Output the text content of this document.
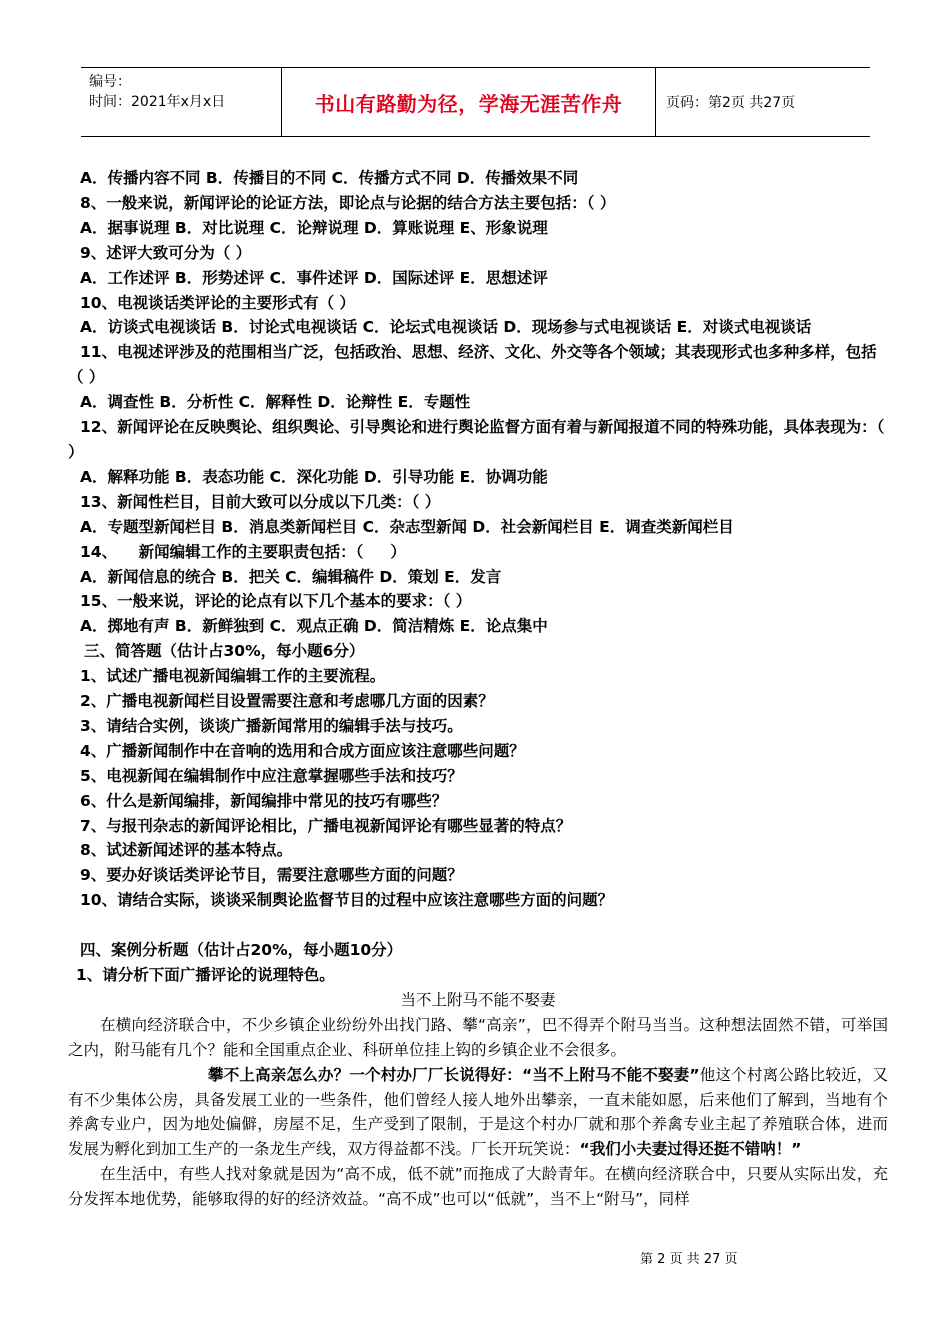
编号：
时间：2021年x月x日	书山有路勤为径，学海无涯苦作舟	页码：第2页 共27页
A．传播内容不同 B．传播目的不同 C．传播方式不同 D．传播效果不同
8、一般来说，新闻评论的论证方法，即论点与论据的结合方法主要包括：（ ）
A．据事说理 B．对比说理 C．论辩说理 D．算账说理 E、形象说理
9、述评大致可分为（ ）
A．工作述评 B．形势述评 C．事件述评 D．国际述评 E．思想述评
10、电视谈话类评论的主要形式有（ ）
A．访谈式电视谈话 B．讨论式电视谈话 C．论坛式电视谈话 D．现场参与式电视谈话 E．对谈式电视谈话
11、电视述评涉及的范围相当广泛，包括政治、思想、经济、文化、外交等各个领域；其表现形式也多种多样，包括（ ）
A．调查性 B．分析性 C．解释性 D．论辩性 E．专题性
12、新闻评论在反映舆论、组织舆论、引导舆论和进行舆论监督方面有着与新闻报道不同的特殊功能，具体表现为：（ ）
A．解释功能 B．表态功能 C．深化功能 D．引导功能 E．协调功能
13、新闻性栏目，目前大致可以分成以下几类：（ ）
A．专题型新闻栏目 B．消息类新闻栏目 C．杂志型新闻 D．社会新闻栏目 E．调查类新闻栏目
14、    新闻编辑工作的主要职责包括：（     ）
A．新闻信息的统合 B．把关 C．编辑稿件 D．策划 E．发言
15、一般来说，评论的论点有以下几个基本的要求：（ ）
A．掷地有声 B．新鲜独到 C．观点正确 D．简洁精炼 E．论点集中
三、简答题（估计占30%，每小题6分）
1、试述广播电视新闻编辑工作的主要流程。
2、广播电视新闻栏目设置需要注意和考虑哪几方面的因素？
3、请结合实例，谈谈广播新闻常用的编辑手法与技巧。
4、广播新闻制作中在音响的选用和合成方面应该注意哪些问题？
5、电视新闻在编辑制作中应注意掌握哪些手法和技巧？
6、什么是新闻编排，新闻编排中常见的技巧有哪些？
7、与报刊杂志的新闻评论相比，广播电视新闻评论有哪些显著的特点？
8、试述新闻述评的基本特点。
9、要办好谈话类评论节目，需要注意哪些方面的问题？
10、请结合实际，谈谈采制舆论监督节目的过程中应该注意哪些方面的问题？
四、案例分析题（估计占20%，每小题10分）
1、请分析下面广播评论的说理特色。
当不上附马不能不娶妻
在横向经济联合中，不少乡镇企业纷纷外出找门路、攀“高亲”，巴不得弄个附马当当。这种想法固然不错，可举国之内，附马能有几个？能和全国重点企业、科研单位挂上钩的乡镇企业不会很多。
攀不上高亲怎么办？一个村办厂厂长说得好：“当不上附马不能不娶妻”他这个村离公路比较近，又有不少集体公房，具备发展工业的一些条件，他们曾经人接人地外出攀亲，一直未能如愿，后来他们了解到，当地有个养禽专业户，因为地处偏僻，房屋不足，生产受到了限制，于是这个村办厂就和那个养禽专业主起了养殖联合体，进而发展为孵化到加工生产的一条龙生产线，双方得益都不浅。厂长开玩笑说：“我们小夫妻过得还挺不错呐！”
在生活中，有些人找对象就是因为“高不成，低不就”而拖成了大龄青年。在横向经济联合中，只要从实际出发，充分发挥本地优势，能够取得的好的经济效益。“高不成”也可以“低就”，当不上“附马”，同样
第 2 页 共 27 页
